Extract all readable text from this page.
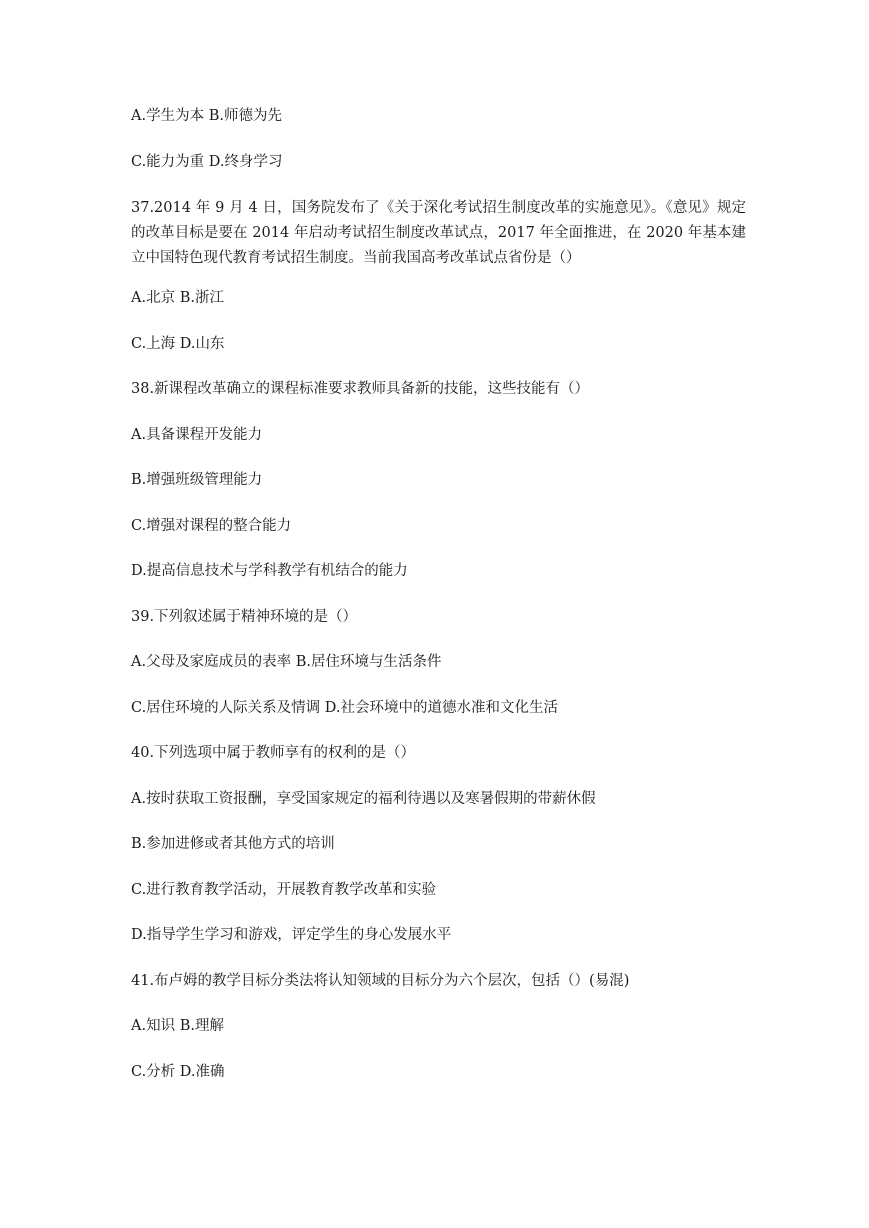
A.学生为本 B.师德为先
C.能力为重 D.终身学习
37.2014 年 9 月 4 日，国务院发布了《关于深化考试招生制度改革的实施意见》。《意见》规定的改革目标是要在 2014 年启动考试招生制度改革试点，2017 年全面推进，在 2020 年基本建立中国特色现代教育考试招生制度。当前我国高考改革试点省份是（）
A.北京 B.浙江
C.上海 D.山东
38.新课程改革确立的课程标准要求教师具备新的技能，这些技能有（）
A.具备课程开发能力
B.增强班级管理能力
C.增强对课程的整合能力
D.提高信息技术与学科教学有机结合的能力
39.下列叙述属于精神环境的是（）
A.父母及家庭成员的表率 B.居住环境与生活条件
C.居住环境的人际关系及情调 D.社会环境中的道德水准和文化生活
40.下列选项中属于教师享有的权利的是（）
A.按时获取工资报酬，享受国家规定的福利待遇以及寒暑假期的带薪休假
B.参加进修或者其他方式的培训
C.进行教育教学活动，开展教育教学改革和实验
D.指导学生学习和游戏，评定学生的身心发展水平
41.布卢姆的教学目标分类法将认知领域的目标分为六个层次，包括（）(易混)
A.知识 B.理解
C.分析 D.准确
